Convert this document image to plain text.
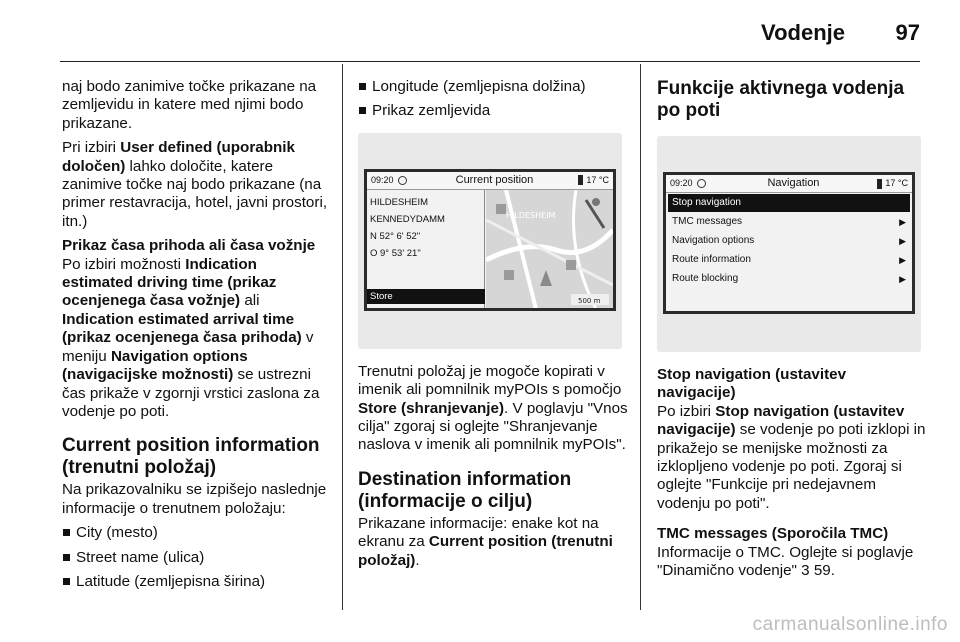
Vodenje 97

naj bodo zanimive točke prikazane na zemljevidu in katere med njimi bodo prikazane.

Pri izbiri User defined (uporabnik določen) lahko določite, katere zanimive točke naj bodo prikazane (na primer restavracija, hotel, javni prostori, itn.)

Prikaz časa prihoda ali časa vožnje

Po izbiri možnosti Indication estimated driving time (prikaz ocenjenega časa vožnje) ali Indication estimated arrival time (prikaz ocenjenega časa prihoda) v meniju Navigation options (navigacijske možnosti) se ustrezni čas prikaže v zgornji vrstici zaslona za vodenje po poti.

Current position information (trenutni položaj)

Na prikazovalniku se izpišejo naslednje informacije o trenutnem položaju:

City (mesto)
Street name (ulica)
Latitude (zemljepisna širina)
Longitude (zemljepisna dolžina)
Prikaz zemljevida
09:20	Current position	17 °C
HILDESHEIM
KENNEDYDAMM
N 52° 6' 52"
O 9° 53' 21"
Store
HILDESHEIM
500 m

Trenutni položaj je mogoče kopirati v imenik ali pomnilnik myPOIs s pomočjo Store (shranjevanje). V poglavju "Vnos cilja" zgoraj si oglejte "Shranjevanje naslova v imenik ali pomnilnik myPOIs".

Destination information (informacije o cilju)

Prikazane informacije: enake kot na ekranu za Current position (trenutni položaj).

Funkcije aktivnega vodenja po poti
09:20	Navigation	17 °C
Stop navigation
TMC messages	▶
Navigation options	▶
Route information	▶
Route blocking	▶
Stop navigation (ustavitev navigacije)

Po izbiri Stop navigation (ustavitev navigacije) se vodenje po poti izklopi in prikažejo se menijske možnosti za izklopljeno vodenje po poti. Zgoraj si oglejte "Funkcije pri nedejavnem vodenju po poti".

TMC messages (Sporočila TMC)

Informacije o TMC. Oglejte si poglavje "Dinamično vodenje" 3 59.

carmanualsonline.info
